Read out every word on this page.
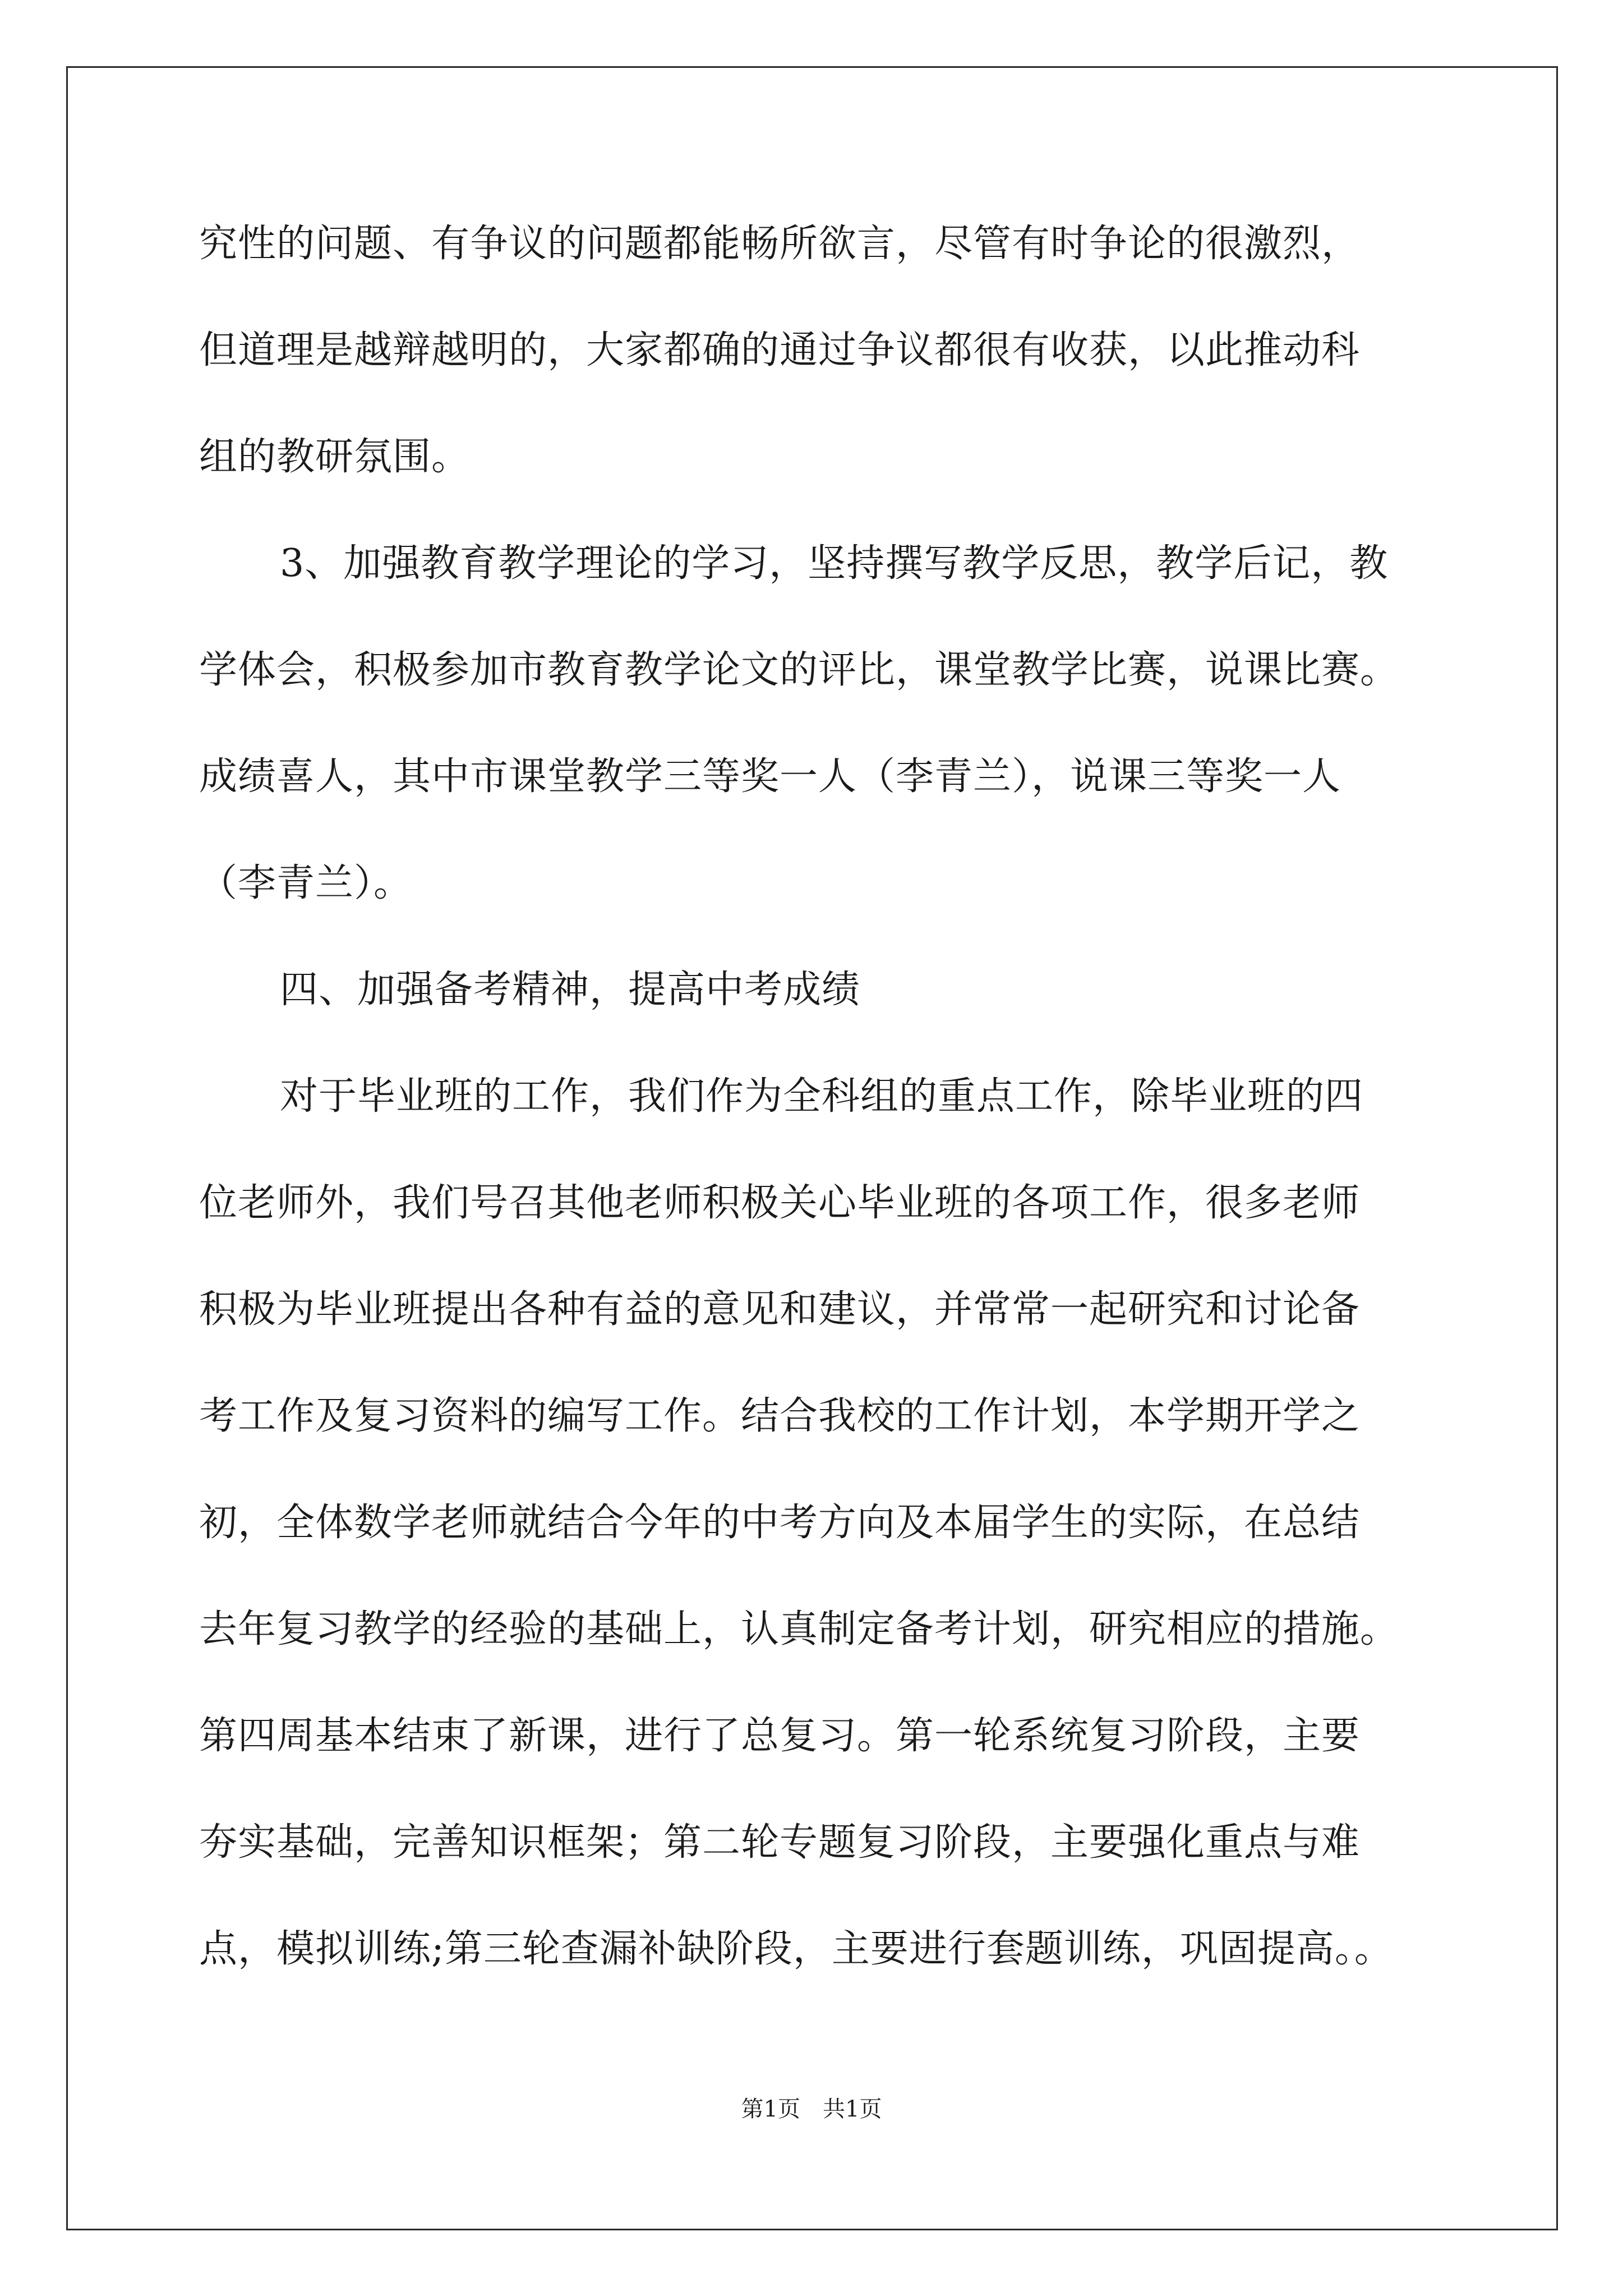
究性的问题、有争议的问题都能畅所欲言，尽管有时争论的很激烈，
但道理是越辩越明的，大家都确的通过争议都很有收获，以此推动科
组的教研氛围。
3、加强教育教学理论的学习，坚持撰写教学反思，教学后记，教
学体会，积极参加市教育教学论文的评比，课堂教学比赛，说课比赛。
成绩喜人，其中市课堂教学三等奖一人（李青兰），说课三等奖一人
（李青兰）。
四、加强备考精神，提高中考成绩
对于毕业班的工作，我们作为全科组的重点工作，除毕业班的四
位老师外，我们号召其他老师积极关心毕业班的各项工作，很多老师
积极为毕业班提出各种有益的意见和建议，并常常一起研究和讨论备
考工作及复习资料的编写工作。结合我校的工作计划，本学期开学之
初，全体数学老师就结合今年的中考方向及本届学生的实际，在总结
去年复习教学的经验的基础上，认真制定备考计划，研究相应的措施。
第四周基本结束了新课，进行了总复习。第一轮系统复习阶段，主要
夯实基础，完善知识框架；第二轮专题复习阶段，主要强化重点与难
点，模拟训练;第三轮查漏补缺阶段，主要进行套题训练，巩固提高。。
第1页　共1页
